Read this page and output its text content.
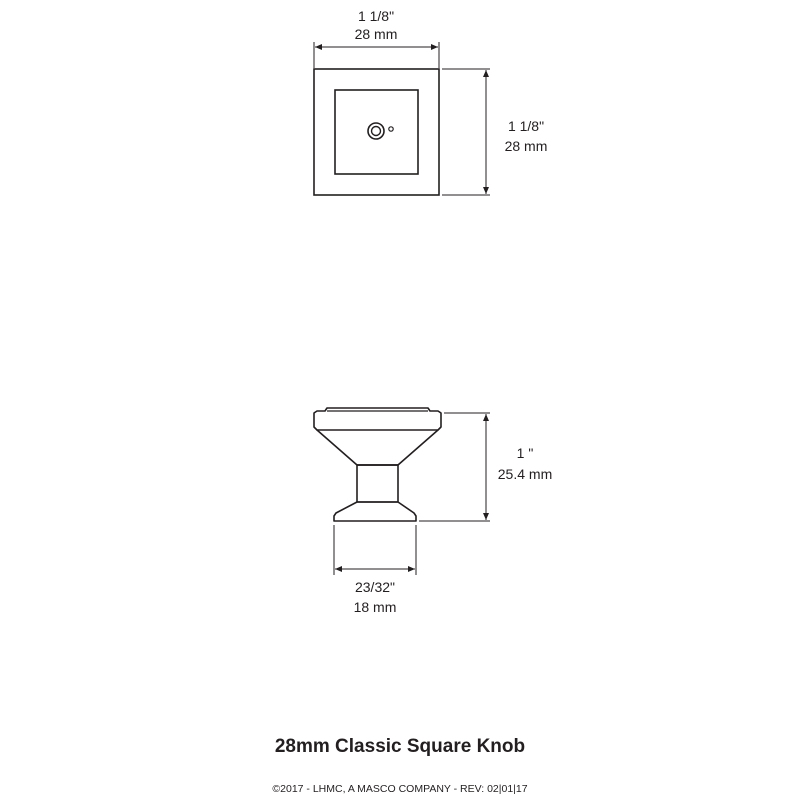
1 1/8"
28 mm
1 1/8"
28 mm
1 "
25.4 mm
23/32"
18 mm
28mm Classic Square Knob
©2017 - LHMC, A MASCO COMPANY - REV: 02|01|17
